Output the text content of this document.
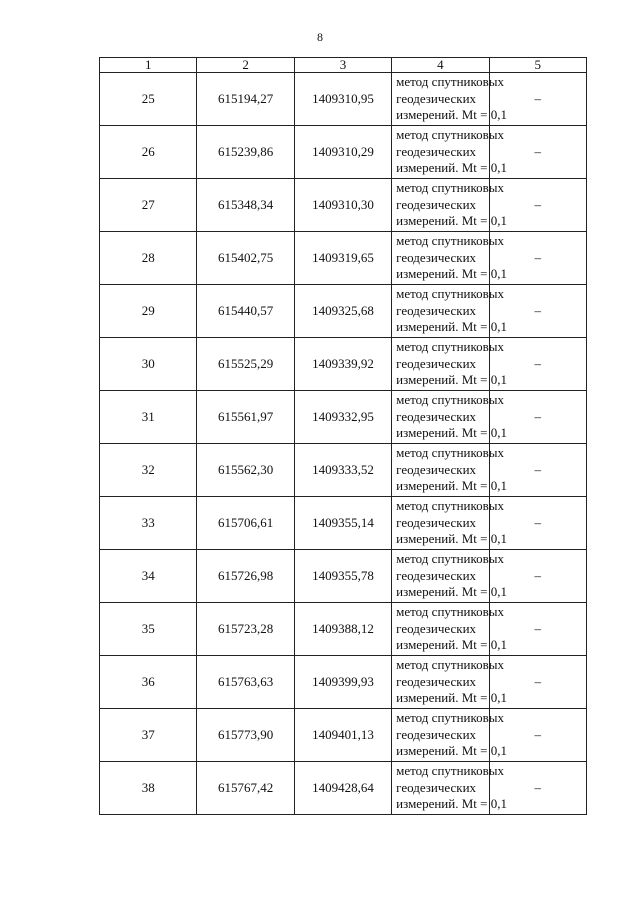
8
1	2	3	4	5
25	615194,27	1409310,95	метод спутниковых
геодезических
измерений. Mt = 0,1	–
26	615239,86	1409310,29	метод спутниковых
геодезических
измерений. Mt = 0,1	–
27	615348,34	1409310,30	метод спутниковых
геодезических
измерений. Mt = 0,1	–
28	615402,75	1409319,65	метод спутниковых
геодезических
измерений. Mt = 0,1	–
29	615440,57	1409325,68	метод спутниковых
геодезических
измерений. Mt = 0,1	–
30	615525,29	1409339,92	метод спутниковых
геодезических
измерений. Mt = 0,1	–
31	615561,97	1409332,95	метод спутниковых
геодезических
измерений. Mt = 0,1	–
32	615562,30	1409333,52	метод спутниковых
геодезических
измерений. Mt = 0,1	–
33	615706,61	1409355,14	метод спутниковых
геодезических
измерений. Mt = 0,1	–
34	615726,98	1409355,78	метод спутниковых
геодезических
измерений. Mt = 0,1	–
35	615723,28	1409388,12	метод спутниковых
геодезических
измерений. Mt = 0,1	–
36	615763,63	1409399,93	метод спутниковых
геодезических
измерений. Mt = 0,1	–
37	615773,90	1409401,13	метод спутниковых
геодезических
измерений. Mt = 0,1	–
38	615767,42	1409428,64	метод спутниковых
геодезических
измерений. Mt = 0,1	–
